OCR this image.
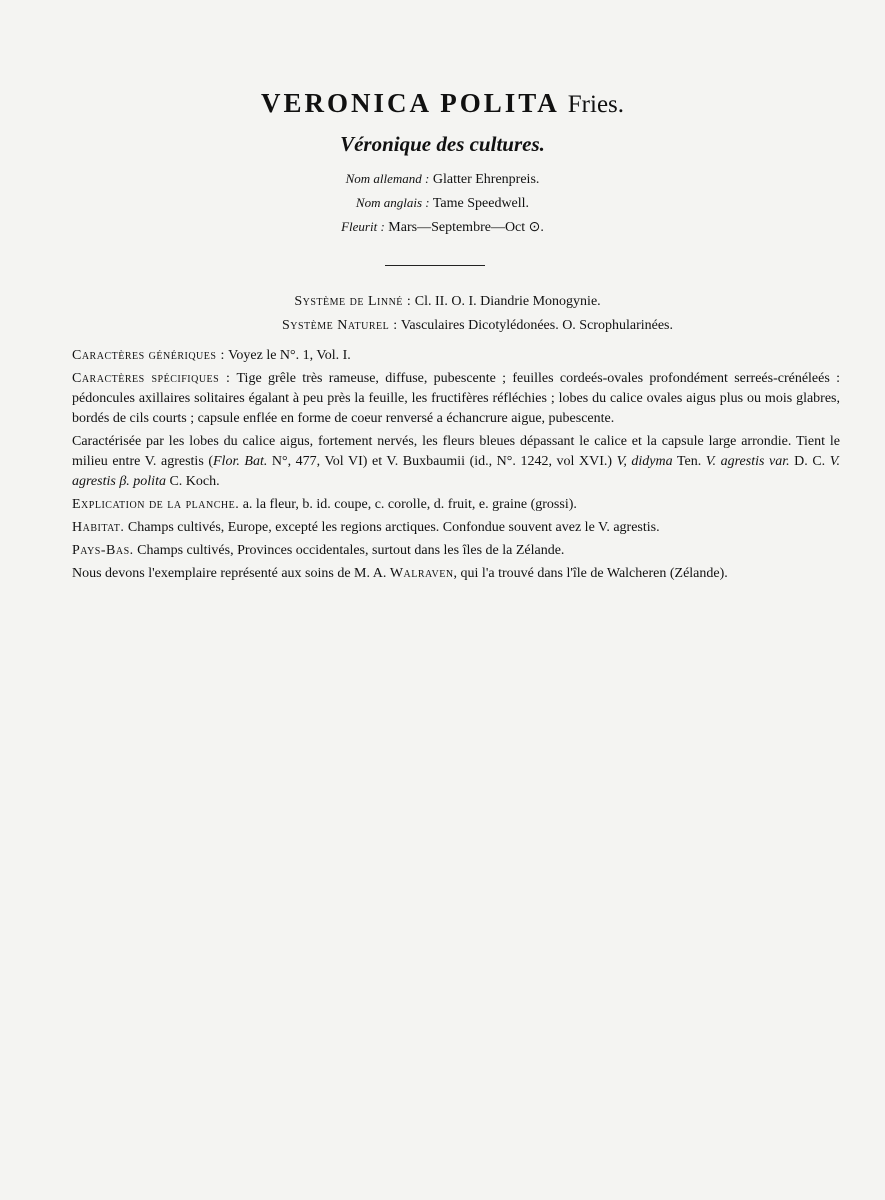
VERONICA POLITA Fries.
Véronique des cultures.
Nom allemand : Glatter Ehrenpreis.
Nom anglais : Tame Speedwell.
Fleurit : Mars—Septembre—Oct ⊙.
Système de Linné : Cl. II. O. I. Diandrie Monogynie.
Système Naturel : Vasculaires Dicotylédonées. O. Scrophularinées.

Caractères génériques : Voyez le N°. 1, Vol. I.

Caractères spécifiques : Tige grêle très rameuse, diffuse, pubescente ; feuilles cordeés-ovales profondément serreés-crénéleés : pédoncules axillaires solitaires égalant à peu près la feuille, les fructifères réfléchies ; lobes du calice ovales aigus plus ou mois glabres, bordés de cils courts ; capsule enflée en forme de coeur renversé a échancrure aigue, pubescente.

Caractérisée par les lobes du calice aigus, fortement nervés, les fleurs bleues dépassant le calice et la capsule large arrondie. Tient le milieu entre V. agrestis (Flor. Bat. N°, 477, Vol VI) et V. Buxbaumii (id., N°. 1242, vol XVI.) V, didyma Ten. V. agrestis var. D. C. V. agrestis β. polita C. Koch.

Explication de la planche. a. la fleur, b. id. coupe, c. corolle, d. fruit, e. graine (grossi).

Habitat. Champs cultivés, Europe, excepté les regions arctiques. Confondue souvent avez le V. agrestis.

Pays-Bas. Champs cultivés, Provinces occidentales, surtout dans les îles de la Zélande.

Nous devons l'exemplaire représenté aux soins de M. A. Walraven, qui l'a trouvé dans l'île de Walcheren (Zélande).
